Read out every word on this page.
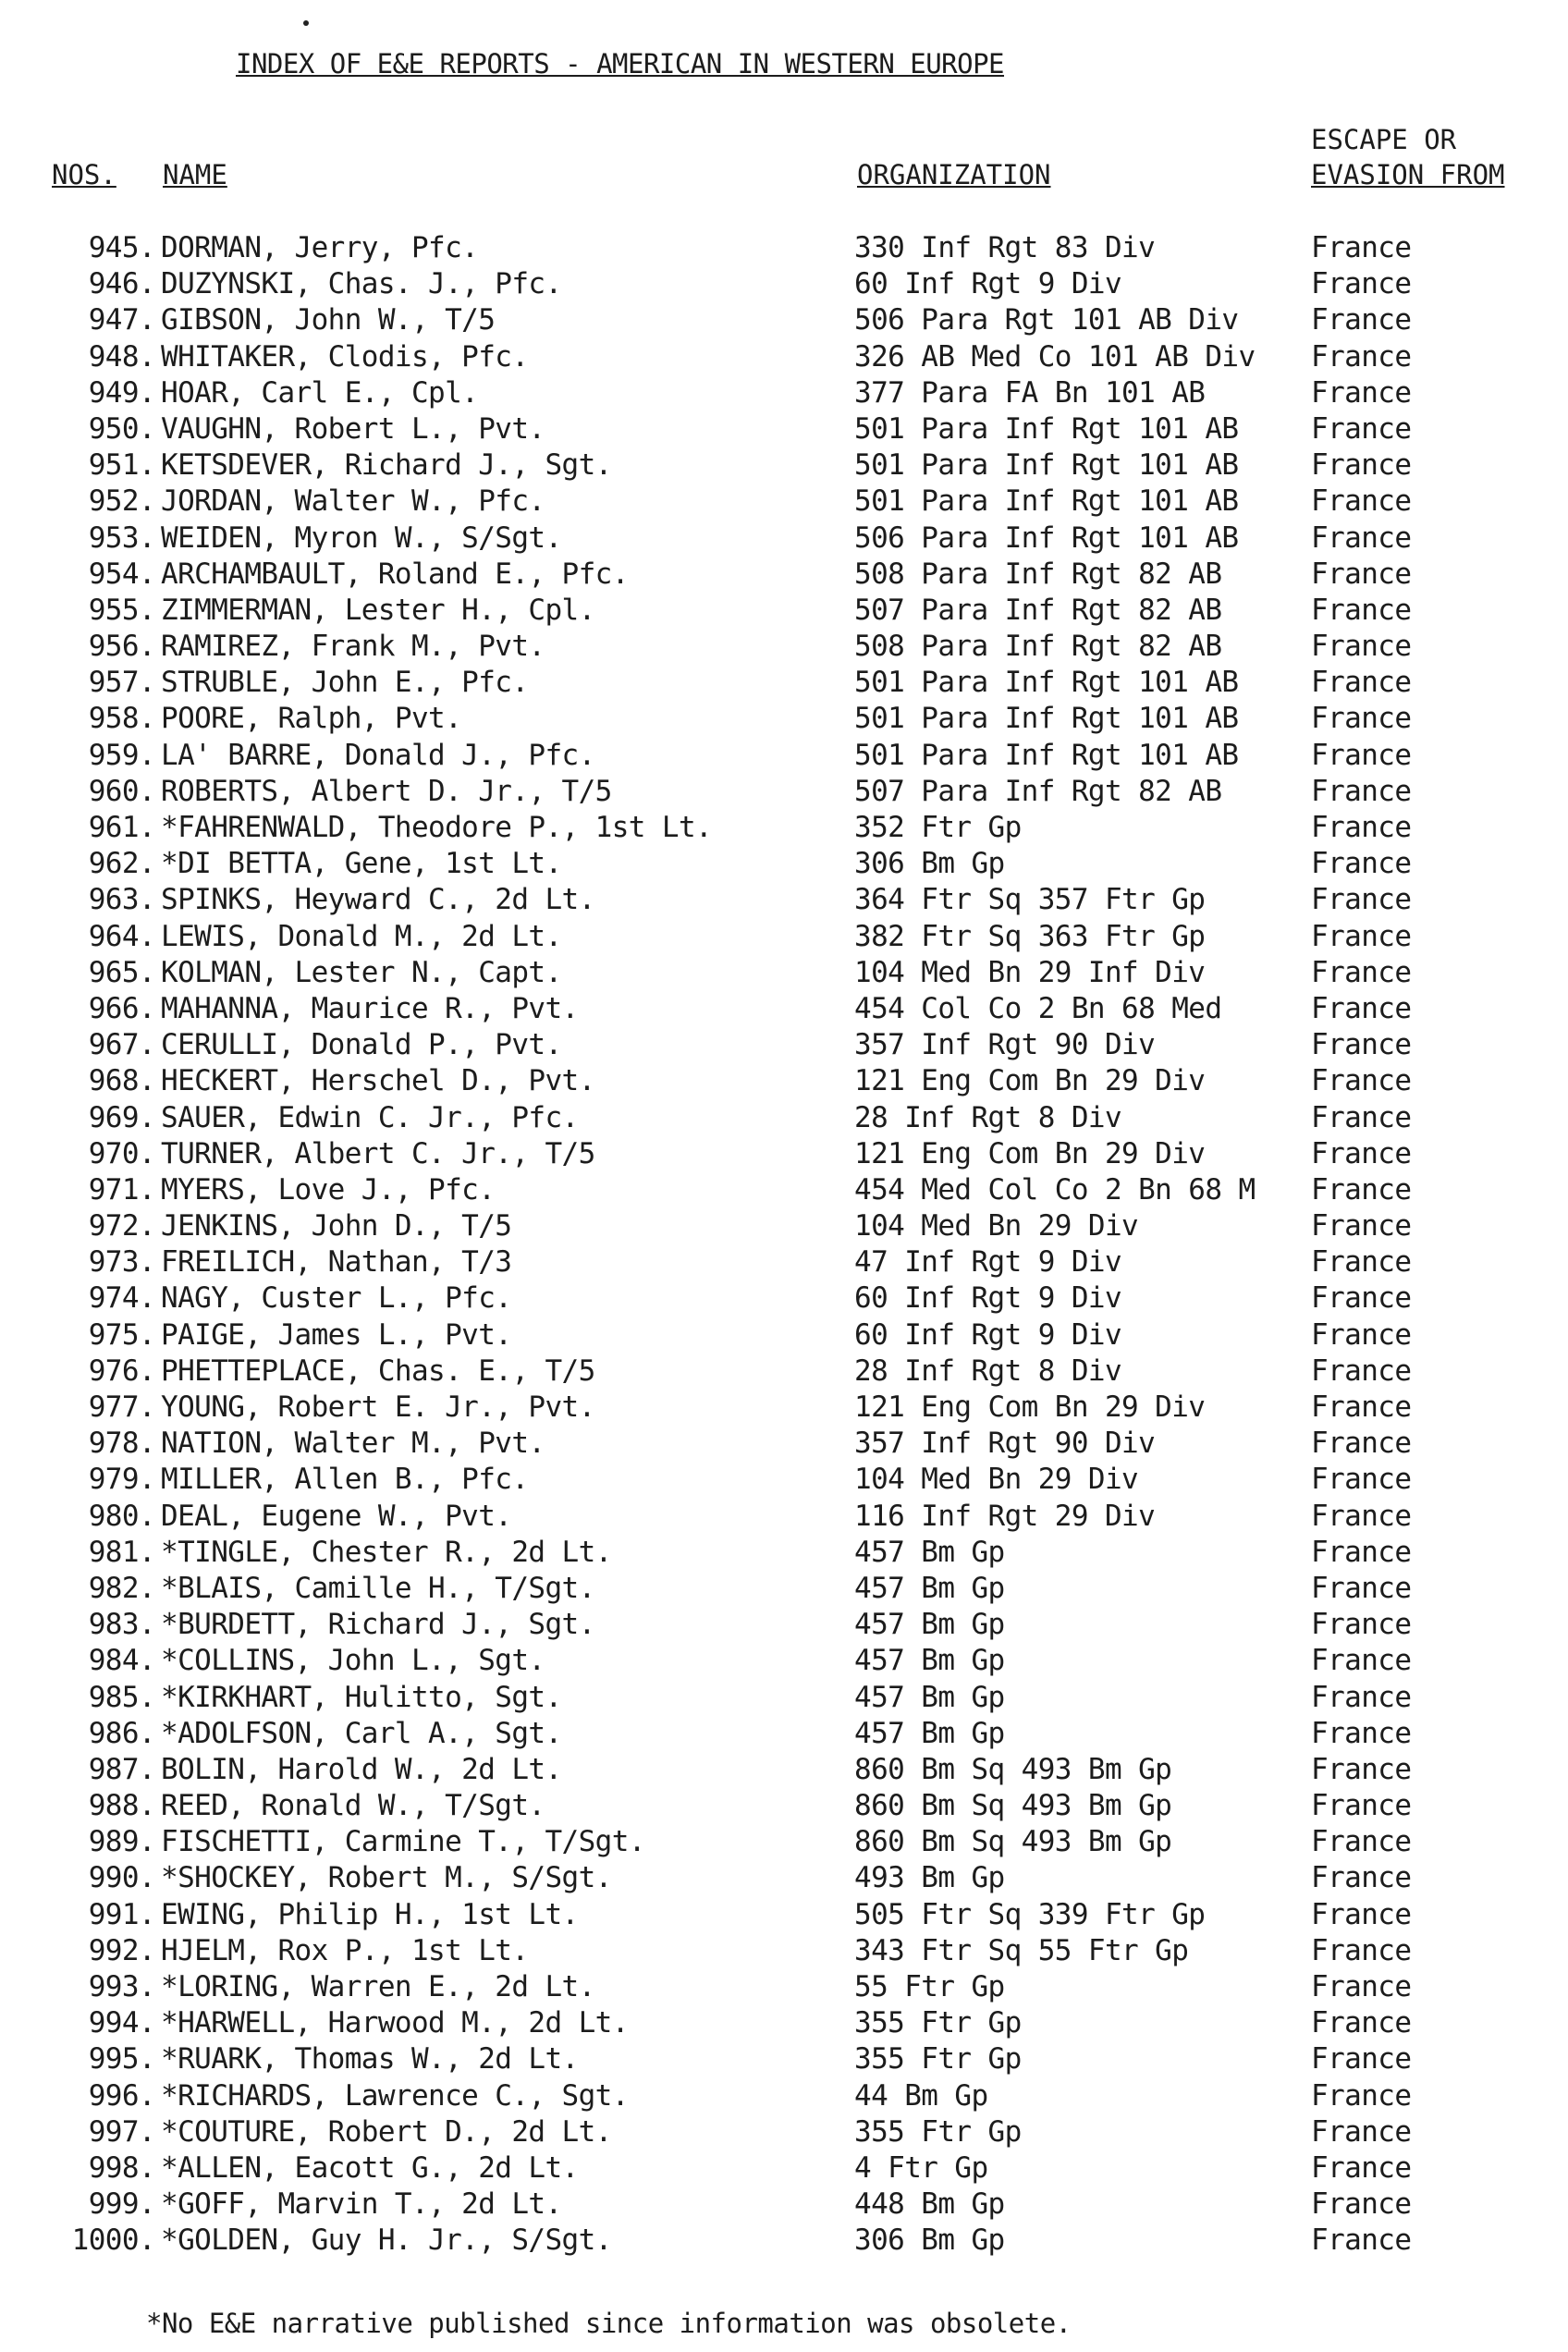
INDEX OF E&E REPORTS - AMERICAN IN WESTERN EUROPE
NOS. NAME	ORGANIZATION
ESCAPE OR
EVASION FROM
945. DORMAN, Jerry, Pfc.	330 Inf Rgt 83 Div	France
946. DUZYNSKI, Chas. J., Pfc.	60 Inf Rgt 9 Div	France
947. GIBSON, John W., T/5	506 Para Rgt 101 AB Div	France
948. WHITAKER, Clodis, Pfc.	326 AB Med Co 101 AB Div France
949. HOAR, Carl E., Cpl.	377 Para FA Bn 101 AB	France
950. VAUGHN, Robert L., Pvt.	501 Para Inf Rgt 101 AB	France
951. KETSDEVER, Richard J., Sgt.	501 Para Inf Rgt 101 AB	France
952. JORDAN, Walter W., Pfc.	501 Para Inf Rgt 101 AB	France
953. WEIDEN, Myron W., S/Sgt.	506 Para Inf Rgt 101 AB	France
954. ARCHAMBAULT, Roland E., Pfc.	508 Para Inf Rgt 82 AB	France
955. ZIMMERMAN, Lester H., Cpl.	507 Para Inf Rgt 82 AB	France
956. RAMIREZ, Frank M., Pvt.	508 Para Inf Rgt 82 AB	France
957. STRUBLE, John E., Pfc.	501 Para Inf Rgt 101 AB	France
958. POORE, Ralph, Pvt.	501 Para Inf Rgt 101 AB	France
959. LA' BARRE, Donald J., Pfc.	501 Para Inf Rgt 101 AB	France
960. ROBERTS, Albert D. Jr., T/5	507 Para Inf Rgt 82 AB	France
961. *FAHRENWALD, Theodore P., 1st Lt.	352 Ftr Gp	France
962. *DI BETTA, Gene, 1st Lt.	306 Bm Gp	France
963. SPINKS, Heyward C., 2d Lt.	364 Ftr Sq 357 Ftr Gp	France
964. LEWIS, Donald M., 2d Lt.	382 Ftr Sq 363 Ftr Gp	France
965. KOLMAN, Lester N., Capt.	104 Med Bn 29 Inf Div	France
966. MAHANNA, Maurice R., Pvt.	454 Col Co 2 Bn 68 Med	France
967. CERULLI, Donald P., Pvt.	357 Inf Rgt 90 Div	France
968. HECKERT, Herschel D., Pvt.	121 Eng Com Bn 29 Div	France
969. SAUER, Edwin C. Jr., Pfc.	28 Inf Rgt 8 Div	France
970. TURNER, Albert C. Jr., T/5	121 Eng Com Bn 29 Div	France
971. MYERS, Love J., Pfc.	454 Med Col Co 2 Bn 68 M France
972. JENKINS, John D., T/5	104 Med Bn 29 Div	France
973. FREILICH, Nathan, T/3	47 Inf Rgt 9 Div	France
974. NAGY, Custer L., Pfc.	60 Inf Rgt 9 Div	France
975. PAIGE, James L., Pvt.	60 Inf Rgt 9 Div	France
976. PHETTEPLACE, Chas. E., T/5	28 Inf Rgt 8 Div	France
977. YOUNG, Robert E. Jr., Pvt.	121 Eng Com Bn 29 Div	France
978. NATION, Walter M., Pvt.	357 Inf Rgt 90 Div	France
979. MILLER, Allen B., Pfc.	104 Med Bn 29 Div	France
980. DEAL, Eugene W., Pvt.	116 Inf Rgt 29 Div	France
981. *TINGLE, Chester R., 2d Lt.	457 Bm Gp	France
982. *BLAIS, Camille H., T/Sgt.	457 Bm Gp	France
983. *BURDETT, Richard J., Sgt.	457 Bm Gp	France
984. *COLLINS, John L., Sgt.	457 Bm Gp	France
985. *KIRKHART, Hulitto, Sgt.	457 Bm Gp	France
986. *ADOLFSON, Carl A., Sgt.	457 Bm Gp	France
987. BOLIN, Harold W., 2d Lt.	860 Bm Sq 493 Bm Gp	France
988. REED, Ronald W., T/Sgt.	860 Bm Sq 493 Bm Gp	France
989. FISCHETTI, Carmine T., T/Sgt.	860 Bm Sq 493 Bm Gp	France
990. *SHOCKEY, Robert M., S/Sgt.	493 Bm Gp	France
991. EWING, Philip H., 1st Lt.	505 Ftr Sq 339 Ftr Gp	France
992. HJELM, Rox P., 1st Lt.	343 Ftr Sq 55 Ftr Gp	France
993. *LORING, Warren E., 2d Lt.	55 Ftr Gp	France
994. *HARWELL, Harwood M., 2d Lt.	355 Ftr Gp	France
995. *RUARK, Thomas W., 2d Lt.	355 Ftr Gp	France
996. *RICHARDS, Lawrence C., Sgt.	44 Bm Gp	France
997. *COUTURE, Robert D., 2d Lt.	355 Ftr Gp	France
998. *ALLEN, Eacott G., 2d Lt.	4 Ftr Gp	France
999. *GOFF, Marvin T., 2d Lt.	448 Bm Gp	France
1000. *GOLDEN, Guy H. Jr., S/Sgt.	306 Bm Gp	France
*No E&E narrative published since information was obsolete.
